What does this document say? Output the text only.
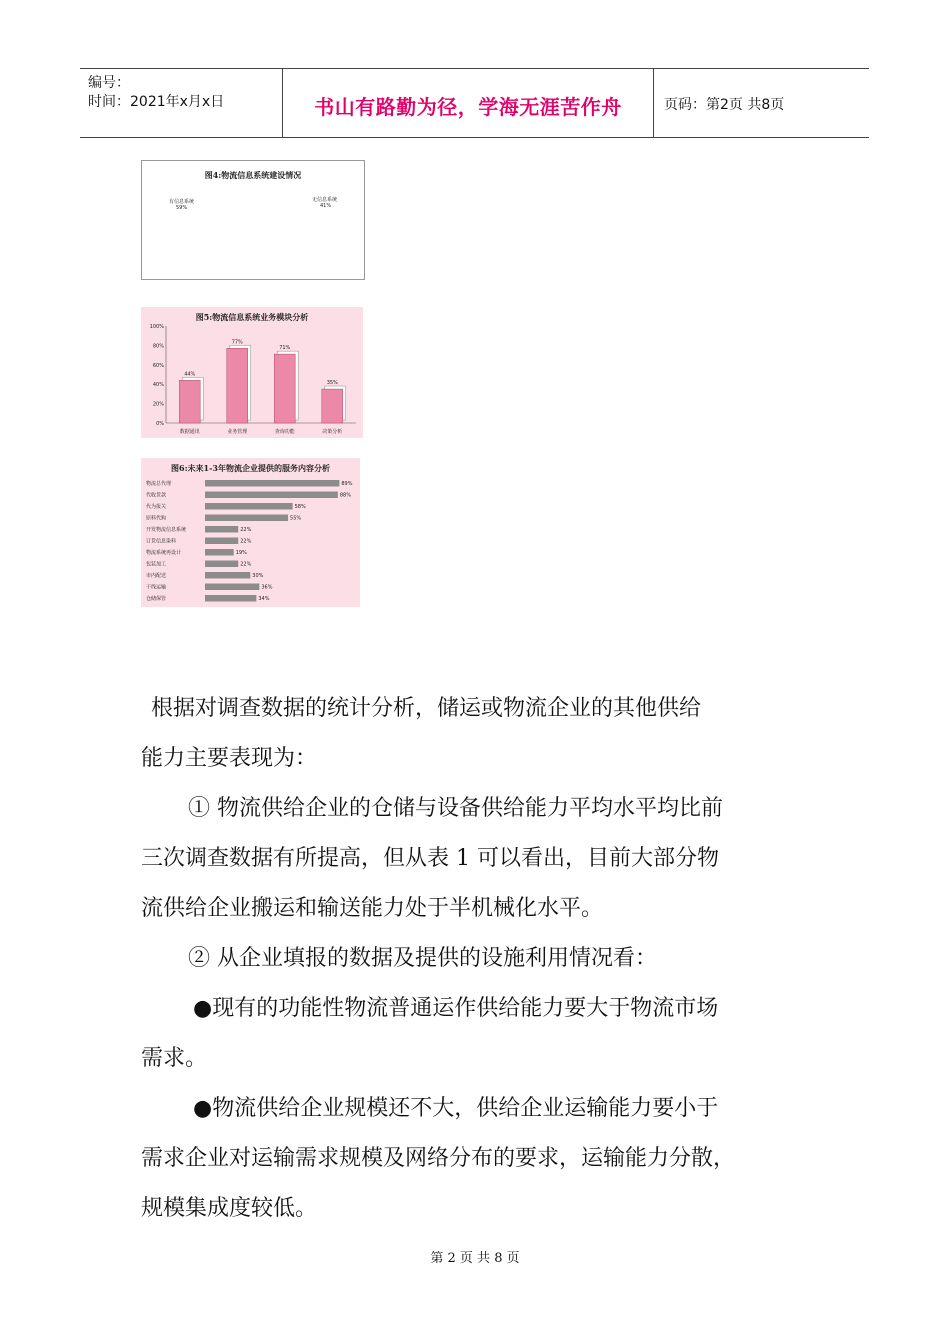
编号：
时间：2021年x月x日	书山有路勤为径，学海无涯苦作舟	页码：第2页 共8页
图4:物流信息系统建设情况
有信息系统
59%
无信息系统
41%
图5:物流信息系统业务模块分析
0%
20%
40%
60%
80%
100%
44%
数据通讯
77%
业务管理
71%
查询功能
35%
决策分析
图6:未来1-3年物流企业提供的服务内容分析
物流总代理	89%
代收货款	88%
代为报关	58%
原料代购	55%
开发物流信息系统	22%
订货信息染料	22%
物流系统再设计	19%
包装加工	22%
市内配送	30%
干线运输	36%
仓储保管	34%
根据对调查数据的统计分析，储运或物流企业的其他供给
能力主要表现为：
① 物流供给企业的仓储与设备供给能力平均水平均比前
三次调查数据有所提高，但从表 1 可以看出，目前大部分物
流供给企业搬运和输送能力处于半机械化水平。
② 从企业填报的数据及提供的设施利用情况看：
●现有的功能性物流普通运作供给能力要大于物流市场
需求。
●物流供给企业规模还不大，供给企业运输能力要小于
需求企业对运输需求规模及网络分布的要求，运输能力分散，
规模集成度较低。
第 2 页 共 8 页
